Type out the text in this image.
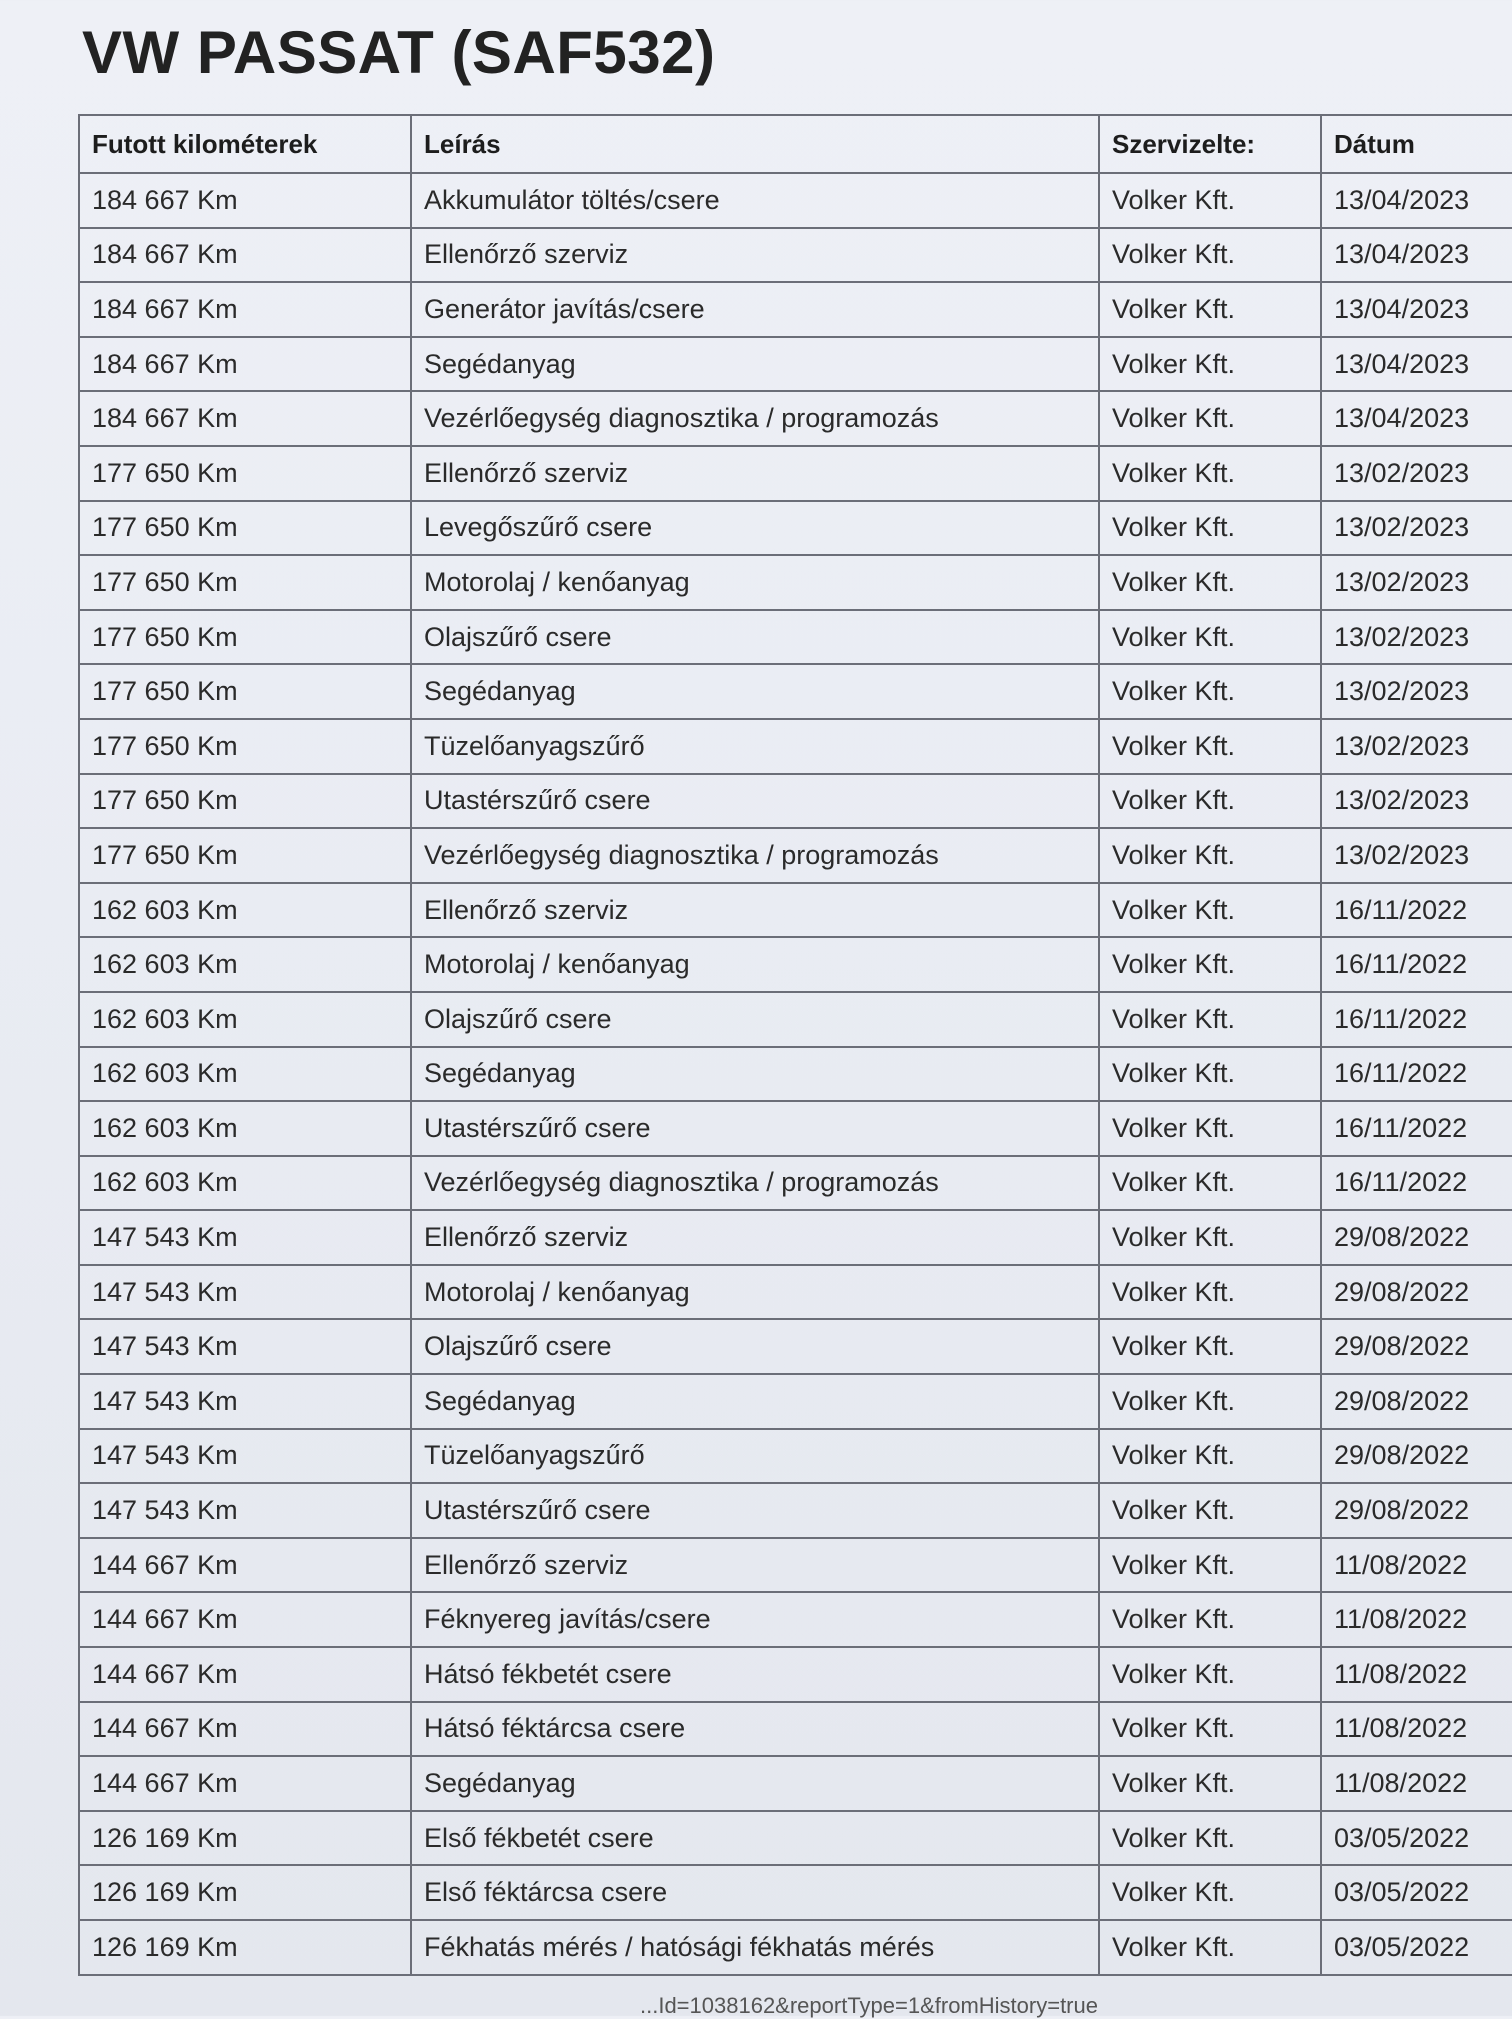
VW PASSAT (SAF532)
Futott kilométerek	Leírás	Szervizelte:	Dátum
184 667 Km	Akkumulátor töltés/csere	Volker Kft.	13/04/2023
184 667 Km	Ellenőrző szerviz	Volker Kft.	13/04/2023
184 667 Km	Generátor javítás/csere	Volker Kft.	13/04/2023
184 667 Km	Segédanyag	Volker Kft.	13/04/2023
184 667 Km	Vezérlőegység diagnosztika / programozás	Volker Kft.	13/04/2023
177 650 Km	Ellenőrző szerviz	Volker Kft.	13/02/2023
177 650 Km	Levegőszűrő csere	Volker Kft.	13/02/2023
177 650 Km	Motorolaj / kenőanyag	Volker Kft.	13/02/2023
177 650 Km	Olajszűrő csere	Volker Kft.	13/02/2023
177 650 Km	Segédanyag	Volker Kft.	13/02/2023
177 650 Km	Tüzelőanyagszűrő	Volker Kft.	13/02/2023
177 650 Km	Utastérszűrő csere	Volker Kft.	13/02/2023
177 650 Km	Vezérlőegység diagnosztika / programozás	Volker Kft.	13/02/2023
162 603 Km	Ellenőrző szerviz	Volker Kft.	16/11/2022
162 603 Km	Motorolaj / kenőanyag	Volker Kft.	16/11/2022
162 603 Km	Olajszűrő csere	Volker Kft.	16/11/2022
162 603 Km	Segédanyag	Volker Kft.	16/11/2022
162 603 Km	Utastérszűrő csere	Volker Kft.	16/11/2022
162 603 Km	Vezérlőegység diagnosztika / programozás	Volker Kft.	16/11/2022
147 543 Km	Ellenőrző szerviz	Volker Kft.	29/08/2022
147 543 Km	Motorolaj / kenőanyag	Volker Kft.	29/08/2022
147 543 Km	Olajszűrő csere	Volker Kft.	29/08/2022
147 543 Km	Segédanyag	Volker Kft.	29/08/2022
147 543 Km	Tüzelőanyagszűrő	Volker Kft.	29/08/2022
147 543 Km	Utastérszűrő csere	Volker Kft.	29/08/2022
144 667 Km	Ellenőrző szerviz	Volker Kft.	11/08/2022
144 667 Km	Féknyereg javítás/csere	Volker Kft.	11/08/2022
144 667 Km	Hátsó fékbetét csere	Volker Kft.	11/08/2022
144 667 Km	Hátsó féktárcsa csere	Volker Kft.	11/08/2022
144 667 Km	Segédanyag	Volker Kft.	11/08/2022
126 169 Km	Első fékbetét csere	Volker Kft.	03/05/2022
126 169 Km	Első féktárcsa csere	Volker Kft.	03/05/2022
126 169 Km	Fékhatás mérés / hatósági fékhatás mérés	Volker Kft.	03/05/2022
...Id=1038162&reportType=1&fromHistory=true
